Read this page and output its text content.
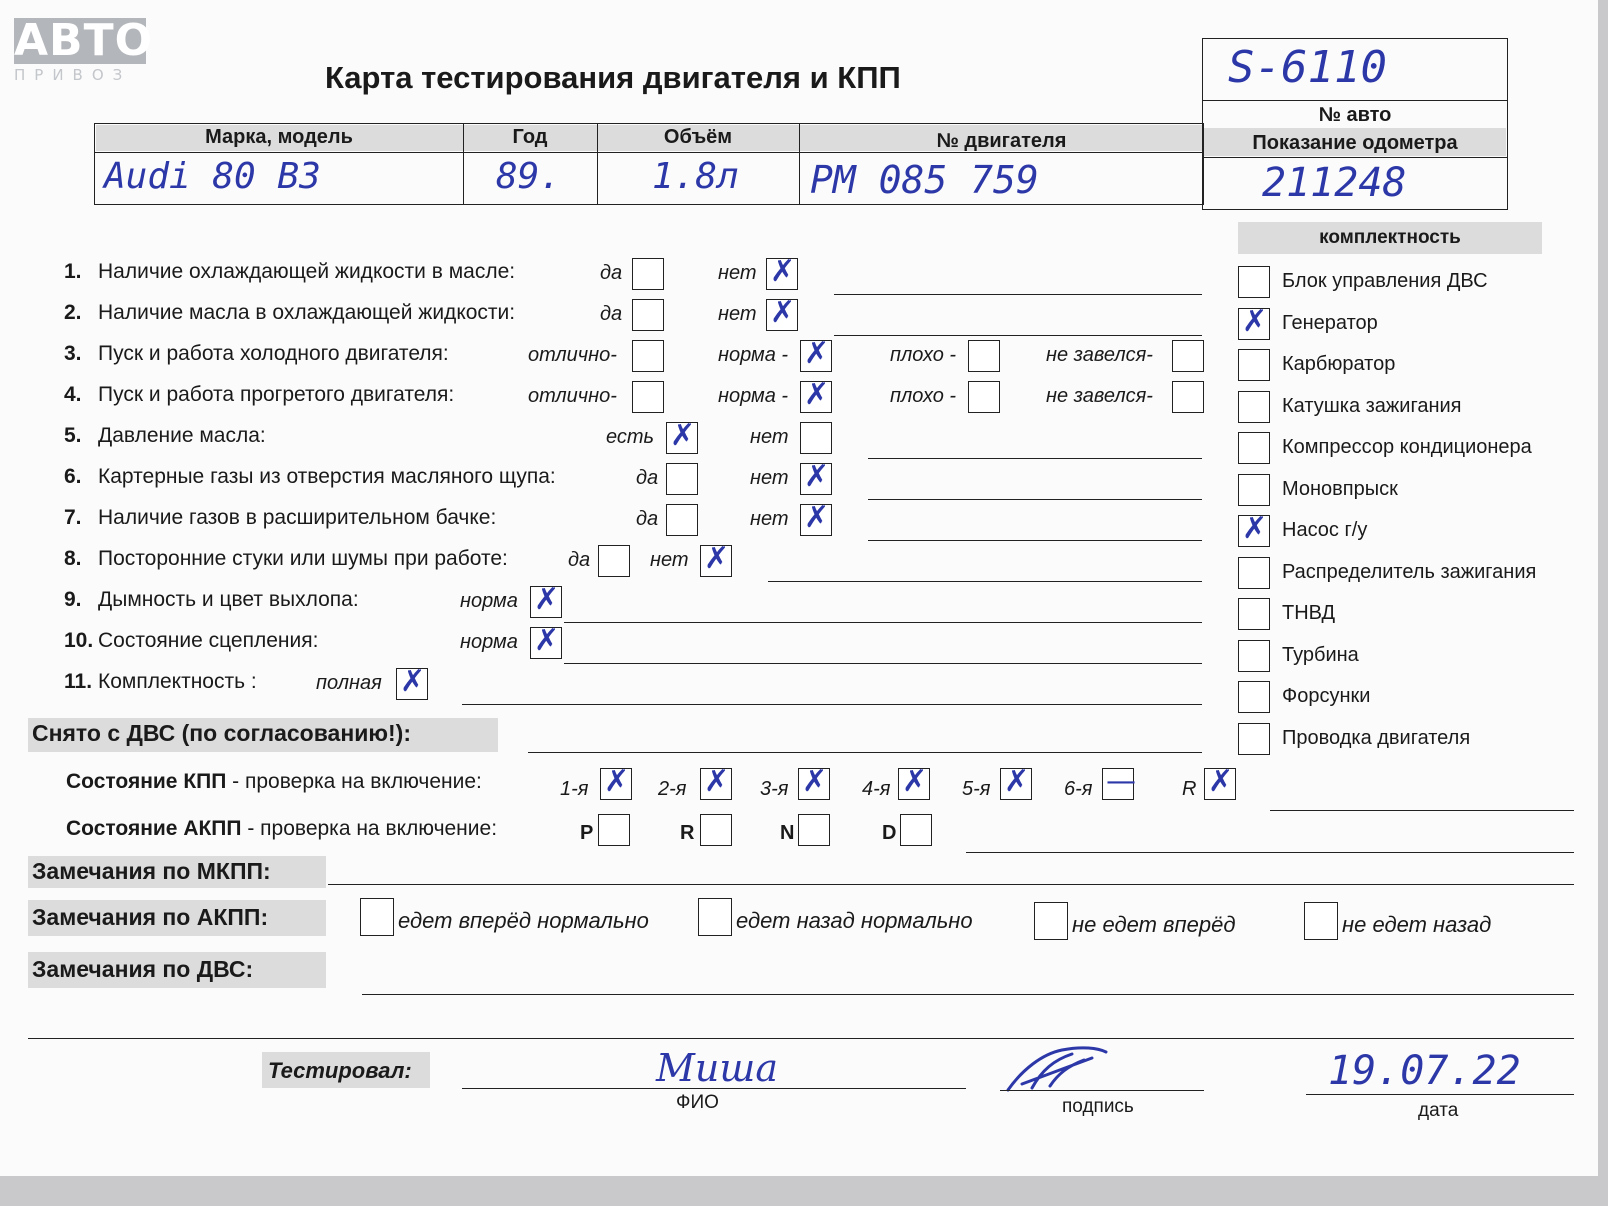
АВТО
ПРИВОЗ	Карта тестирования двигателя и КПП	S-6110
№ авто
Показание одометра
211248
Марка, модель	Год	Объём	№ двигателя
Audi 80 B3	89.	1.8л PM 085 759
1. Наличие охлаждающей жидкости в масле:	да	нет ✗
2. Наличие масла в охлаждающей жидкости:	да	нет ✗
3. Пуск и работа холодного двигателя:	отлично-	норма - ✗	плохо -	не завелся-
4. Пуск и работа прогретого двигателя:	отлично-	норма - ✗	плохо -	не завелся-
5. Давление масла:	есть ✗	нет
6. Картерные газы из отверстия масляного щупа:	да	нет ✗
7. Наличие газов в расширительном бачке:	да	нет ✗
8. Посторонние стуки или шумы при работе:	да	нет ✗
9. Дымность и цвет выхлопа:	норма ✗
10. Состояние сцепления:	норма ✗
11. Комплектность :	полная ✗
комплектность
Блок управления ДВС
✗ Генератор
Карбюратор
Катушка зажигания
Компрессор кондиционера
Моновпрыск
✗ Насос г/у
Распределитель зажигания
ТНВД
Турбина
Форсунки
Проводка двигателя
Снято с ДВС (по согласованию!):
Состояние КПП - проверка на включение:	1-я ✗ 2-я ✗ 3-я ✗ 4-я ✗ 5-я ✗ 6-я — R ✗
Состояние АКПП - проверка на включение:	P	R	N	D
Замечания по МКПП:
Замечания по АКПП:	едет вперёд нормально	едет назад нормально	не едет вперёд	не едет назад
Замечания по ДВС:
Тестировал:	Миша
ФИО	подпись
19.07.22
дата
